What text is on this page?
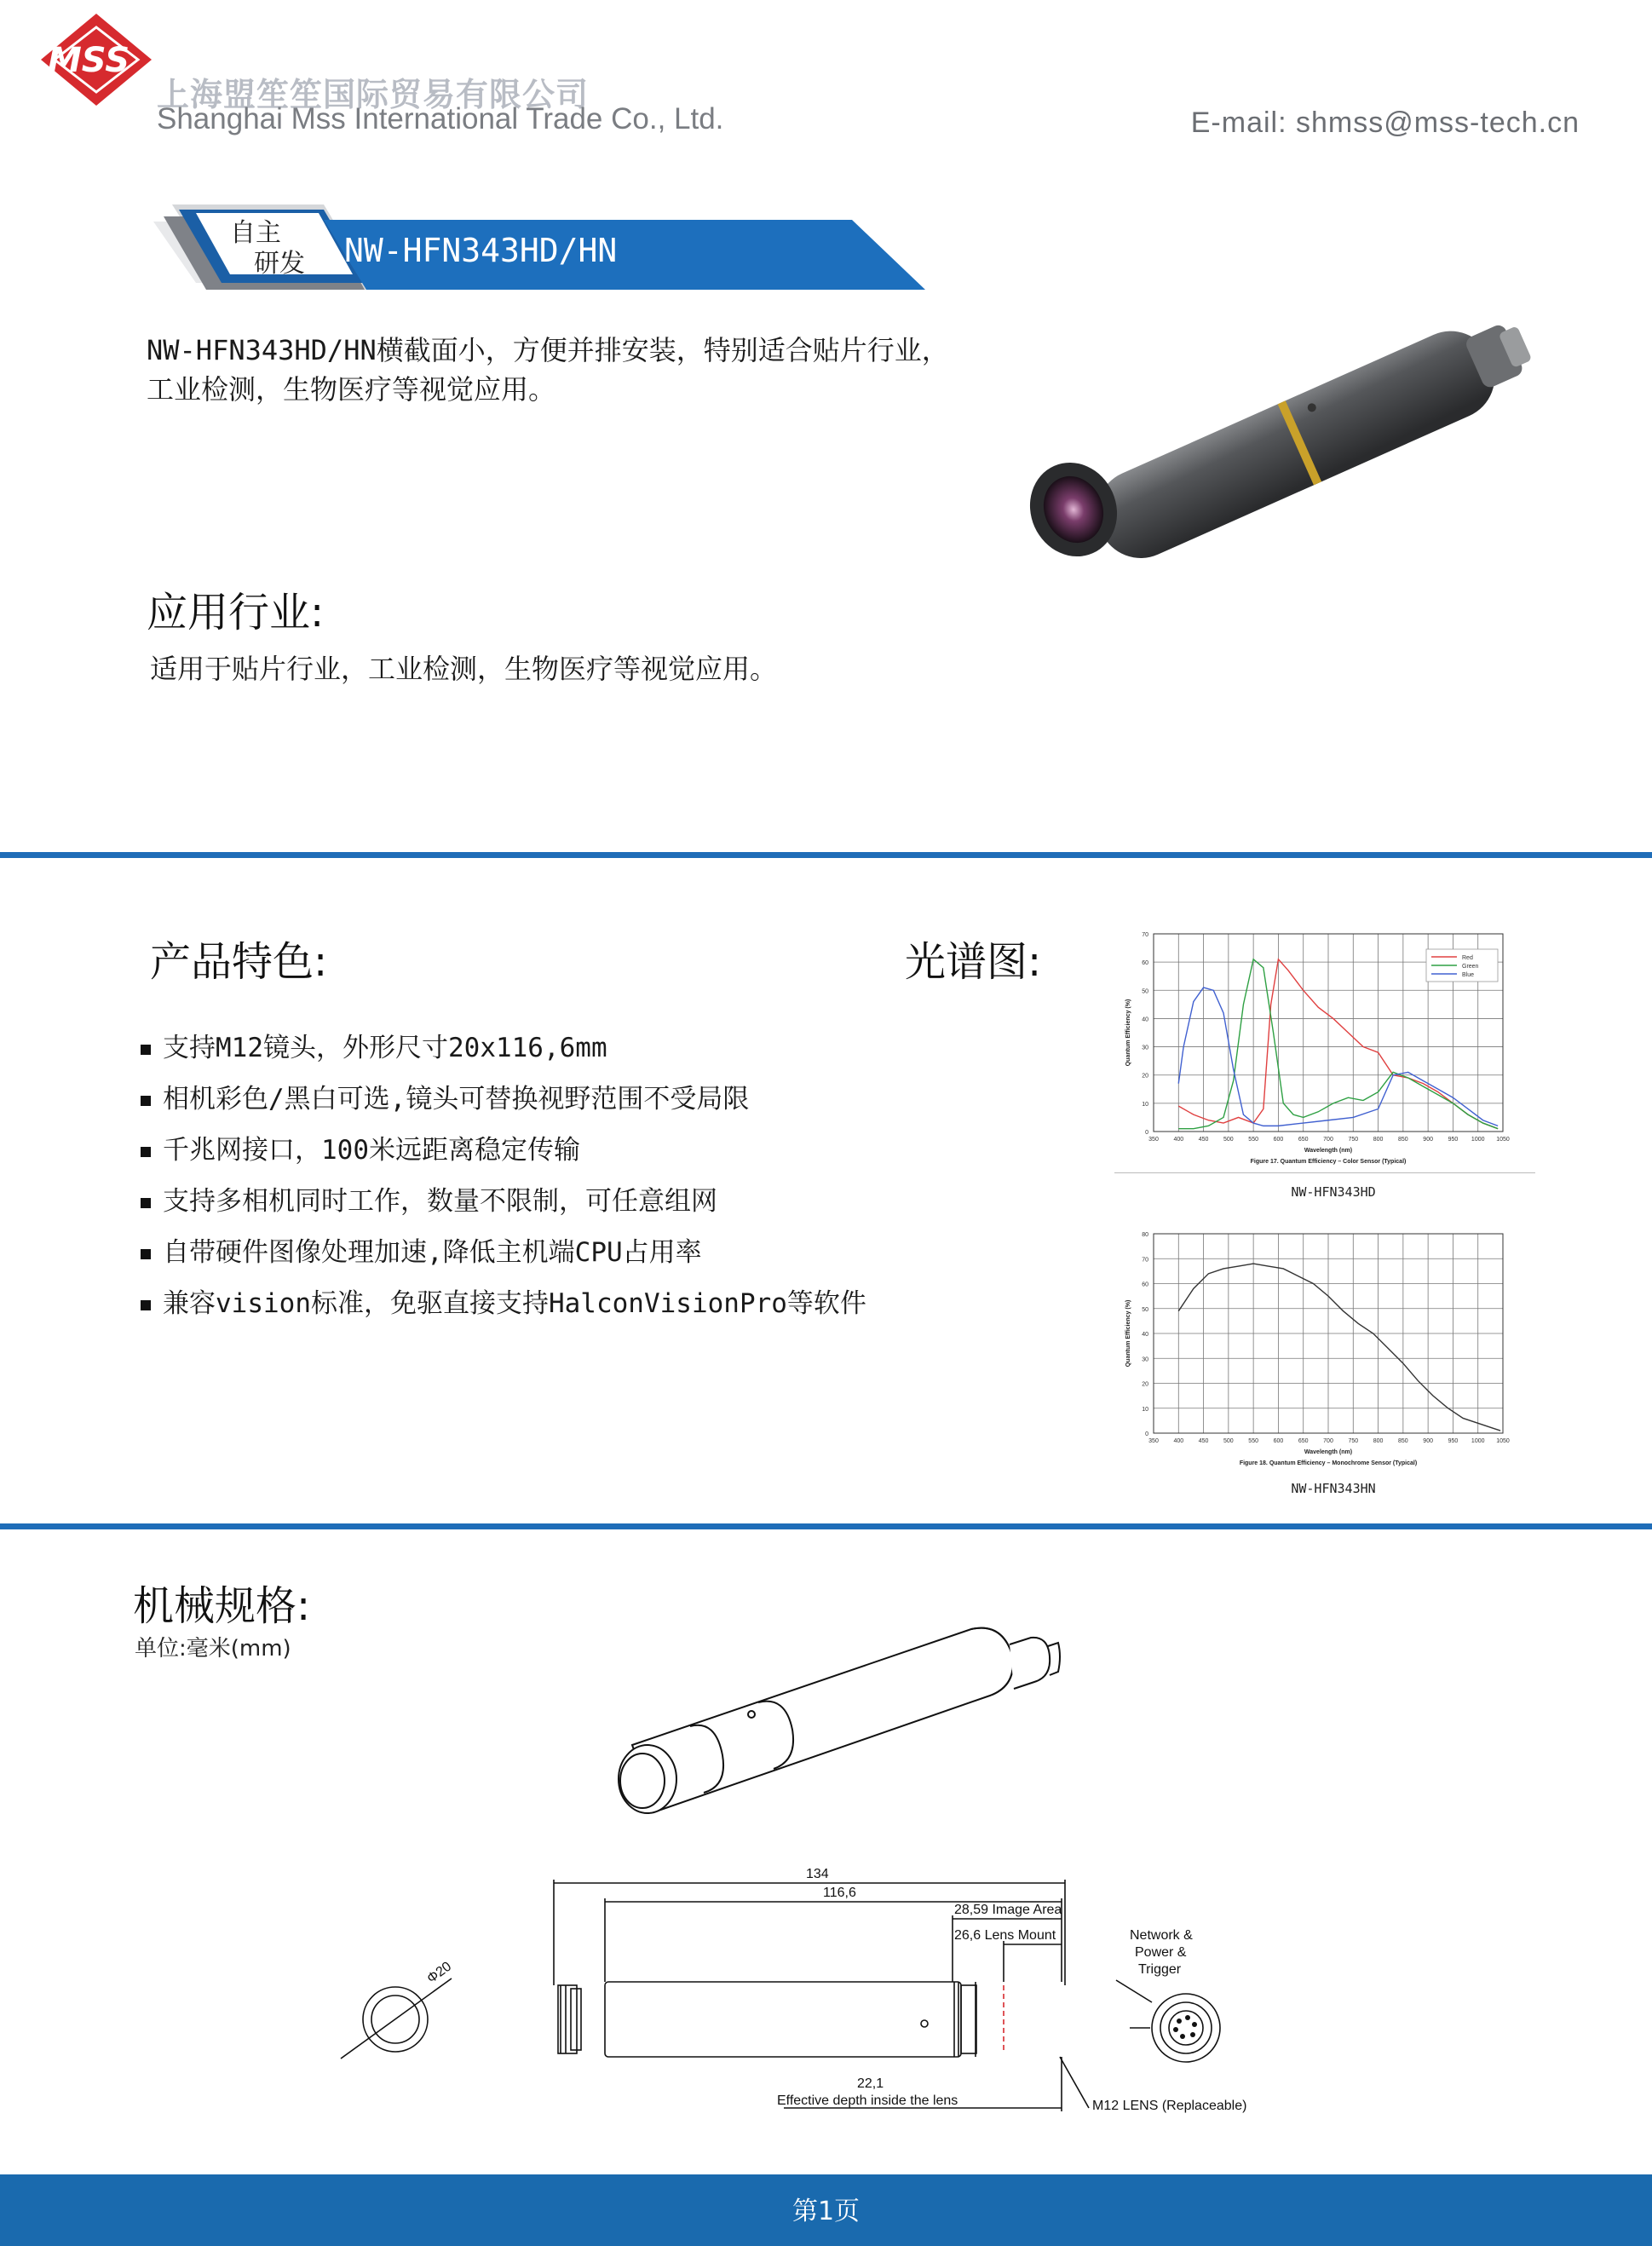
MSS
上海盟笙笙国际贸易有限公司
Shanghai Mss International Trade Co., Ltd.	E-mail: shmss@mss-tech.cn
自主
研发 NW-HFN343HD/HN
NW-HFN343HD/HN横截面小，方便并排安装，特别适合贴片行业，工业检测，生物医疗等视觉应用。
应用行业:
适用于贴片行业，工业检测，生物医疗等视觉应用。
产品特色:
支持M12镜头，外形尺寸20x116,6mm
相机彩色/黑白可选,镜头可替换视野范围不受局限
千兆网接口，100米远距离稳定传输
支持多相机同时工作，数量不限制，可任意组网
自带硬件图像处理加速,降低主机端CPU占用率
兼容vision标准，免驱直接支持HalconVisionPro等软件
光谱图:
350	400	450	500	550	600	650	700	750	800	850	900	950 1000 1050
0
10
20
30
40
50
60
70
Wavelength (nm)
Quantum Efficiency (%)
Figure 17. Quantum Efficiency – Color Sensor (Typical)
Red
Green
Blue
NW-HFN343HD
350	400	450	500	550	600	650	700	750	800	850	900	950 1000 1050
0
10
20
30
40
50
60
70
80
Wavelength (nm)
Quantum Efficiency (%)
Figure 18. Quantum Efficiency – Monochrome Sensor (Typical)
NW-HFN343HN
机械规格:
单位:毫米(mm)
134
116,6
28,59 Image Area
26,6 Lens Mount
Φ20
22,1
Effective depth inside the lens	M12 LENS (Replaceable)
Network &
Power &
Trigger
第1页
